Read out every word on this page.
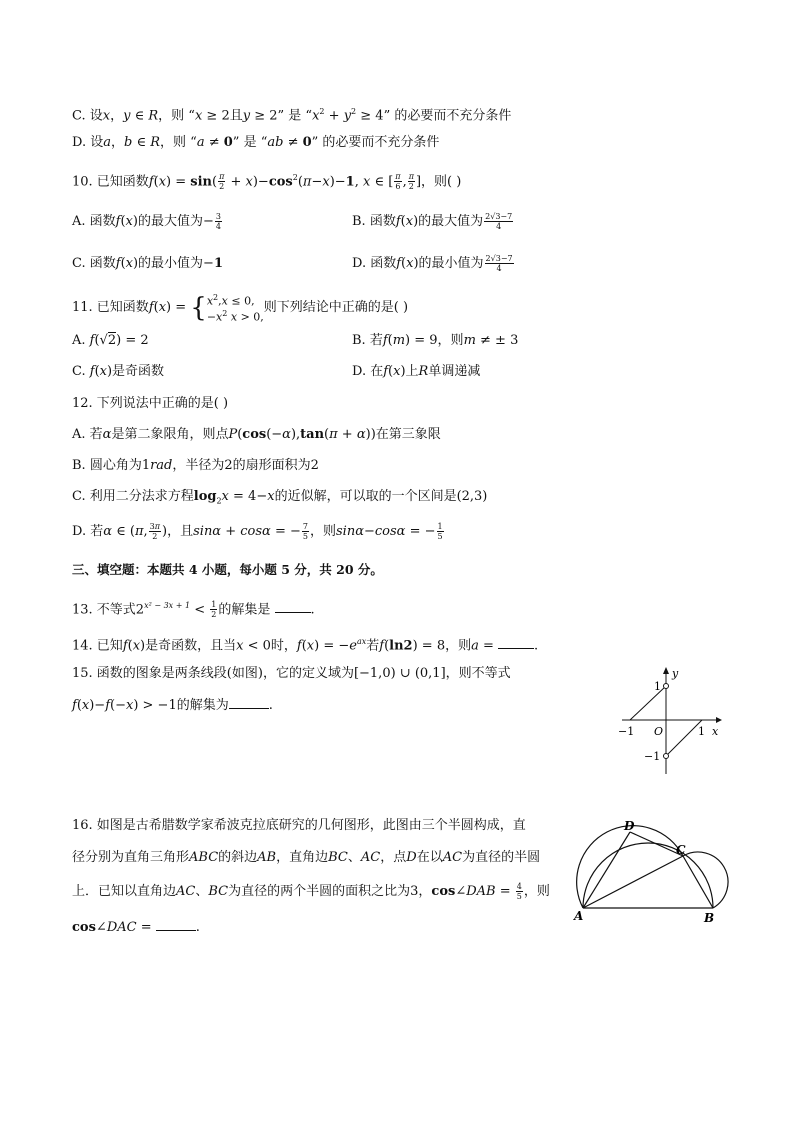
C. 设x，y ∈ R，则 “x ≥ 2且y ≥ 2” 是 “$x^2 + y^2 \ge 4$” 的必要而不充分条件
D. 设a，b ∈ R，则 “a ≠ 0” 是 “ab ≠ 0” 的必要而不充分条件
10. 已知函数$f(x) = \sin( \frac{\pi}{2} + x)-\cos^2(\pi-x)-1$, x ∈ [ $\frac{\pi}{6}$ , $\frac{\pi}{2}$ ]，则( )
A. 函数f(x)的最大值为− $\frac{3}{4}$	B. 函数f(x)的最大值为 $\frac{2√3-7}{4}$
C. 函数f(x)的最小值为−1	D. 函数f(x)的最小值为 $\frac{2√3-7}{4}$
11. 已知函数f(x) = { $x^2,x \le 0$,
$-x^2$ x > 0,
则下列结论中正确的是( )
A. f(√2) = 2	B. 若f(m) = 9，则m ≠ ± 3
C. f(x)是奇函数	D. 在f(x)上R单调递减
12. 下列说法中正确的是( )
A. 若α是第二象限角，则点P(cos(−α),tan(π + α))在第三象限
B. 圆心角为1rad，半径为2的扇形面积为2
C. 利用二分法求方程$\log_2x = 4-x$的近似解，可以取的一个区间是(2,3)
D. 若α ∈ (π, $\frac{3\pi}{2}$ )，且sinα + cosα = − $\frac{7}{5}$ ，则sinα−cosα = − $\frac{1}{5}$
三、填空题：本题共 4 小题，每小题 5 分，共 20 分。
13. 不等式$2^{x^2 - 3x + 1} < \frac{1}{2}$ 的解集是	.
14. 已知f(x)是奇函数，且当x < 0时，$f(x) = -e^{ax}$若f(ln2) = 8，则a =	.
15. 函数的图象是两条线段(如图)，它的定义域为[−1,0) ∪ (0,1]，则不等式
f(x)−f(−x) > −1的解集为	.
y
x
1
−1 O	1
−1
16. 如图是古希腊数学家希波克拉底研究的几何图形，此图由三个半圆构成，直
径分别为直角三角形ABC的斜边AB，直角边BC、AC，点D在以AC为直径的半圆
上．已知以直角边AC、BC为直径的两个半圆的面积之比为3，cos∠DAB = $\frac{4}{5}$ ，则
cos∠DAC =	.
D
C
A	B
